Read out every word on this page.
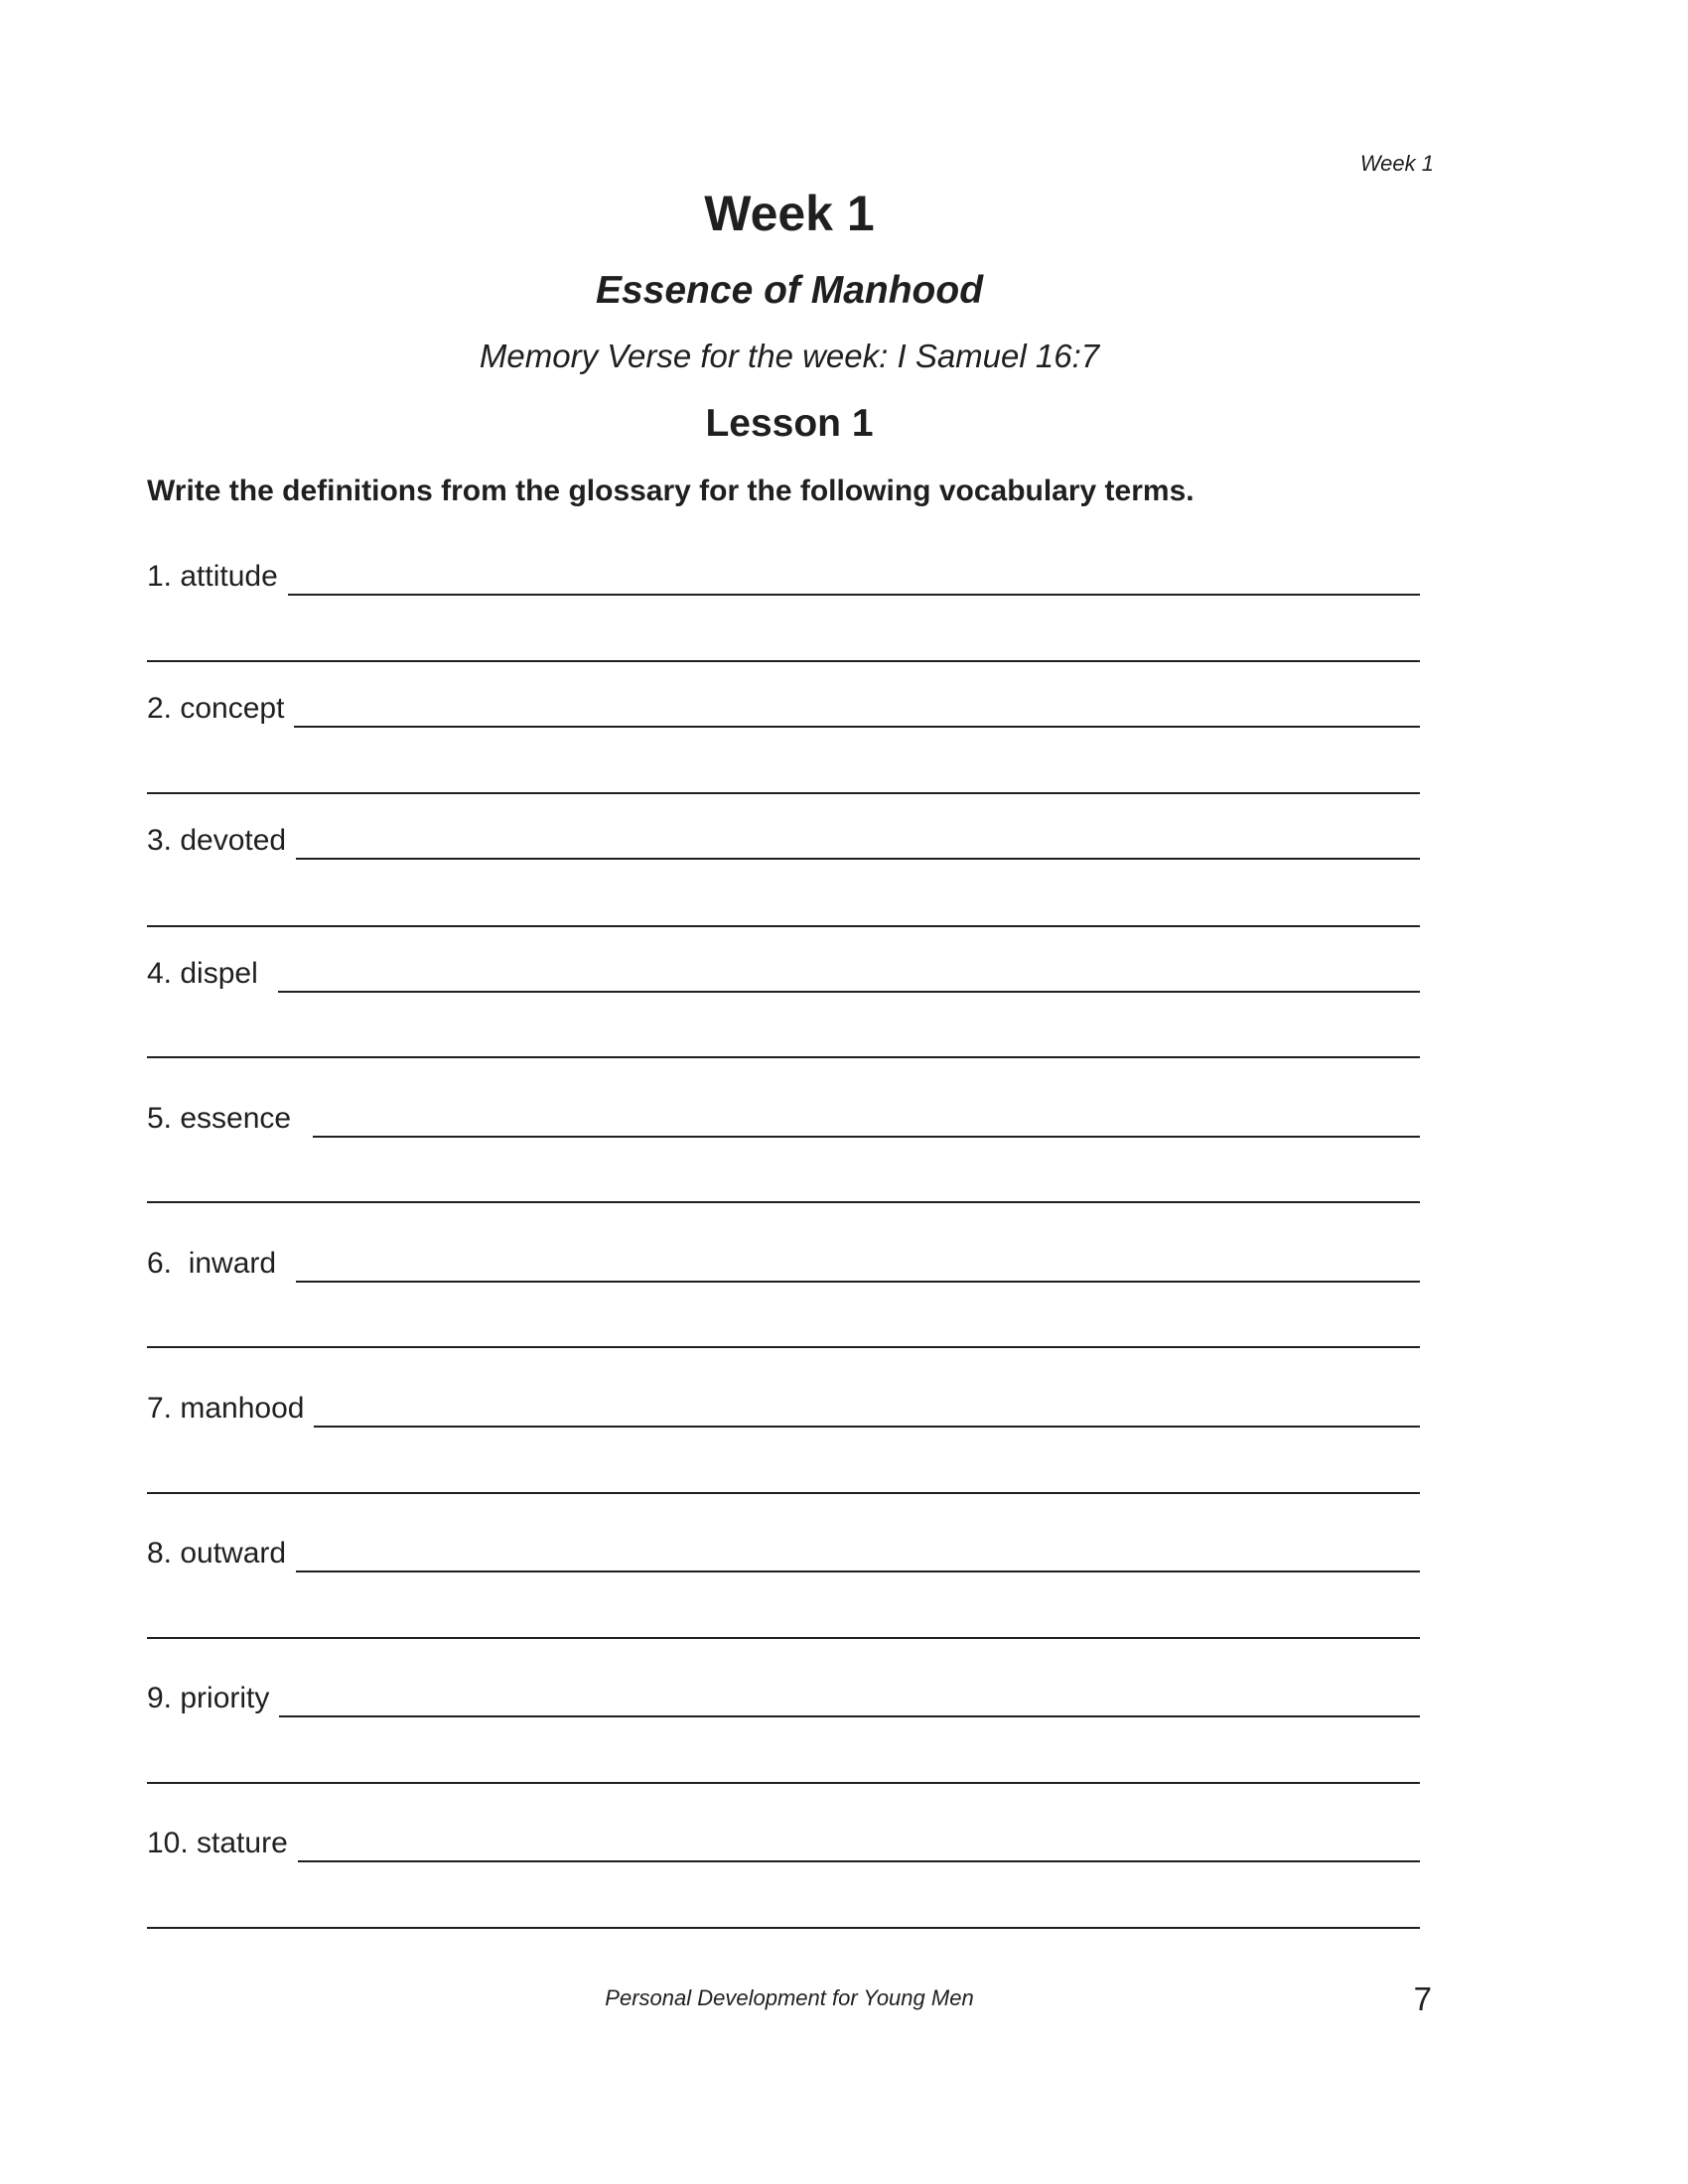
Week 1
Week 1
Essence of Manhood
Memory Verse for the week: I Samuel 16:7
Lesson 1
Write the definitions from the glossary for the following vocabulary terms.
1. attitude
2. concept
3. devoted
4. dispel
5. essence
6.  inward
7. manhood
8. outward
9. priority
10. stature
Personal Development for Young Men	7
